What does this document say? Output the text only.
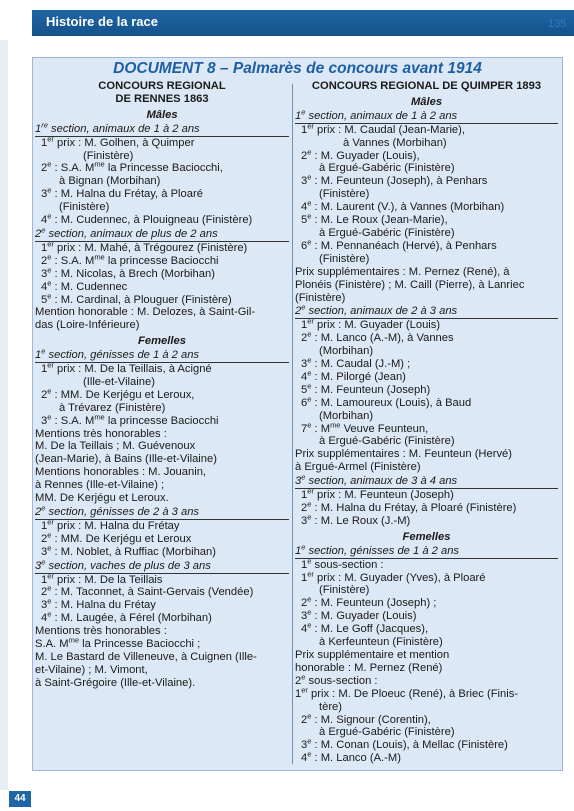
Histoire de la race	135
DOCUMENT 8 – Palmarès de concours avant 1914
CONCOURS REGIONAL
DE RENNES 1863
Mâles
1re section, animaux de 1 à 2 ans
1er prix : M. Golhen, à Quimper
(Finistère)
2e : S.A. $M^{me}$ la Princesse Baciocchi,
à Bignan (Morbihan)
3e : M. Halna du Frétay, à Ploaré
(Finistère)
4e : M. Cudennec, à Plouigneau (Finistère)
2e section, animaux de plus de 2 ans
1er prix : M. Mahé, à Trégourez (Finistère)
2e : S.A. $M^{me}$ la princesse Baciocchi
3e : M. Nicolas, à Brech (Morbihan)
4e : M. Cudennec
5e : M. Cardinal, à Plouguer (Finistère)
Mention honorable : M. Delozes, à Saint-Gil-
das (Loire-Inférieure)
Femelles
1e section, génisses de 1 à 2 ans
1er prix : M. De la Teillais, à Acigné
(Ille-et-Vilaine)
2e : MM. De Kerjégu et Leroux,
à Trévarez (Finistère)
3e : S.A. $M^{me}$ la princesse Baciocchi
Mentions très honorables :
M. De la Teillais ; M. Guévenoux
(Jean-Marie), à Bains (Ille-et-Vilaine)
Mentions honorables : M. Jouanin,
à Rennes (Ille-et-Vilaine) ;
MM. De Kerjégu et Leroux.
2e section, génisses de 2 à 3 ans
1er prix : M. Halna du Frétay
2e : MM. De Kerjégu et Leroux
3e : M. Noblet, à Ruffiac (Morbihan)
3e section, vaches de plus de 3 ans
1er prix : M. De la Teillais
2e : M. Taconnet, à Saint-Gervais (Vendée)
3e : M. Halna du Frétay
4e : M. Laugée, à Férel (Morbihan)
Mentions très honorables :
S.A. $M^{me}$ la Princesse Baciocchi ;
M. Le Bastard de Villeneuve, à Cuignen (Ille-
et-Vilaine) ; M. Vimont,
à Saint-Grégoire (Ille-et-Vilaine).
CONCOURS REGIONAL DE QUIMPER 1893
Mâles
1e section, animaux de 1 à 2 ans
1er prix : M. Caudal (Jean-Marie),
à Vannes (Morbihan)
2e : M. Guyader (Louis),
à Ergué-Gabéric (Finistère)
3e : M. Feunteun (Joseph), à Penhars
(Finistère)
4e : M. Laurent (V.), à Vannes (Morbihan)
5e : M. Le Roux (Jean-Marie),
à Ergué-Gabéric (Finistère)
6e : M. Pennanéach (Hervé), à Penhars
(Finistère)
Prix supplémentaires : M. Pernez (René), à
Plonéis (Finistère) ; M. Caill (Pierre), à Lanriec
(Finistère)
2e section, animaux de 2 à 3 ans
1er prix : M. Guyader (Louis)
2e : M. Lanco (A.-M), à Vannes
(Morbihan)
3e : M. Caudal (J.-M) ;
4e : M. Pilorgé (Jean)
5e : M. Feunteun (Joseph)
6e : M. Lamoureux (Louis), à Baud
(Morbihan)
7e : $M^{me}$ Veuve Feunteun,
à Ergué-Gabéric (Finistère)
Prix supplémentaires : M. Feunteun (Hervé)
à Ergué-Armel (Finistère)
3e section, animaux de 3 à 4 ans
1er prix : M. Feunteun (Joseph)
2e : M. Halna du Frétay, à Ploaré (Finistère)
3e : M. Le Roux (J.-M)
Femelles
1e section, génisses de 1 à 2 ans
1e sous-section :
1er prix : M. Guyader (Yves), à Ploaré
(Finistère)
2e : M. Feunteun (Joseph) ;
3e : M. Guyader (Louis)
4e : M. Le Goff (Jacques),
à Kerfeunteun (Finistère)
Prix supplémentaire et mention
honorable : M. Pernez (René)
2e sous-section :
1er prix : M. De Ploeuc (René), à Briec (Finis-
tère)
2e : M. Signour (Corentin),
à Ergué-Gabéric (Finistère)
3e : M. Conan (Louis), à Mellac (Finistère)
4e : M. Lanco (A.-M)
44
